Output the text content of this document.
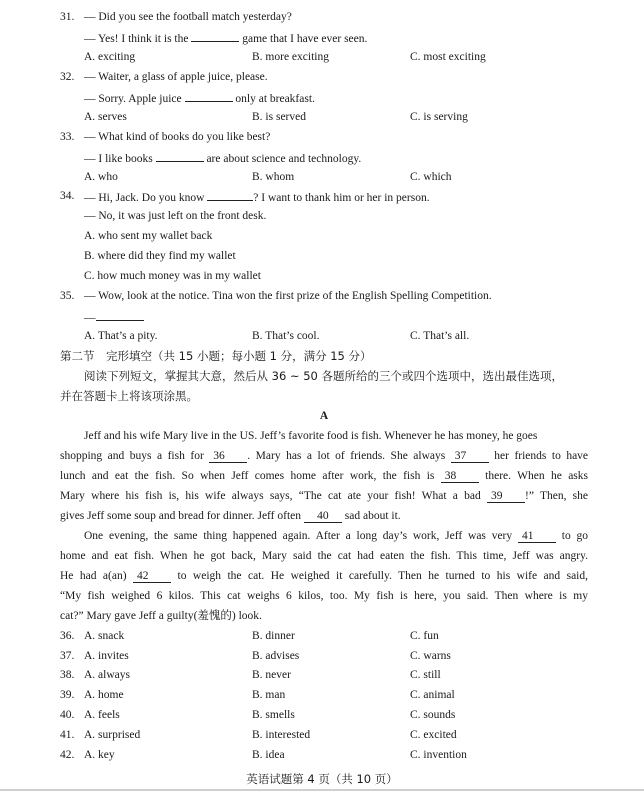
31. — Did you see the football match yesterday?
— Yes! I think it is the	game that I have ever seen.
A. exciting	B. more exciting	C. most exciting
32. — Waiter, a glass of apple juice, please.
— Sorry. Apple juice	only at breakfast.
A. serves	B. is served	C. is serving
33. — What kind of books do you like best?
— I like books	are about science and technology.
A. who	B. whom	C. which
34. — Hi, Jack. Do you know	? I want to thank him or her in person.
— No, it was just left on the front desk.
A. who sent my wallet back
B. where did they find my wallet
C. how much money was in my wallet
35. — Wow, look at the notice. Tina won the first prize of the English Spelling Competition.
—
A. That’s a pity.	B. That’s cool.	C. That’s all.
第二节　完形填空（共 15 小题；每小题 1 分，满分 15 分）
阅读下列短文，掌握其大意，然后从 36 ~ 50 各题所给的三个或四个选项中，选出最佳选项，
并在答题卡上将该项涂黑。
A
Jeff and his wife Mary live in the US. Jeff’s favorite food is fish. Whenever he has money, he goes
shopping and buys a fish for 36 . Mary has a lot of friends. She always 37 her friends to have
lunch and eat the fish. So when Jeff comes home after work, the fish is 38	there. When he asks
Mary where his fish is, his wife always says, “The cat ate your fish! What a bad 39 !” Then, she
gives Jeff some soup and bread for dinner. Jeff often 40 sad about it.
One evening, the same thing happened again. After a long day’s work, Jeff was very 41 to go
home and eat fish. When he got back, Mary said the cat had eaten the fish. This time, Jeff was angry.
He had a(an) 42	to weigh the cat. He weighed it carefully. Then he turned to his wife and said,
“My fish weighed 6 kilos. This cat weighs 6 kilos, too. My fish is here, you said. Then where is my
cat?” Mary gave Jeff a guilty(羞愧的) look.
36. A. snack	B. dinner	C. fun
37. A. invites	B. advises	C. warns
38. A. always	B. never	C. still
39. A. home	B. man	C. animal
40. A. feels	B. smells	C. sounds
41. A. surprised	B. interested	C. excited
42. A. key	B. idea	C. invention
英语试题第 4 页（共 10 页）
